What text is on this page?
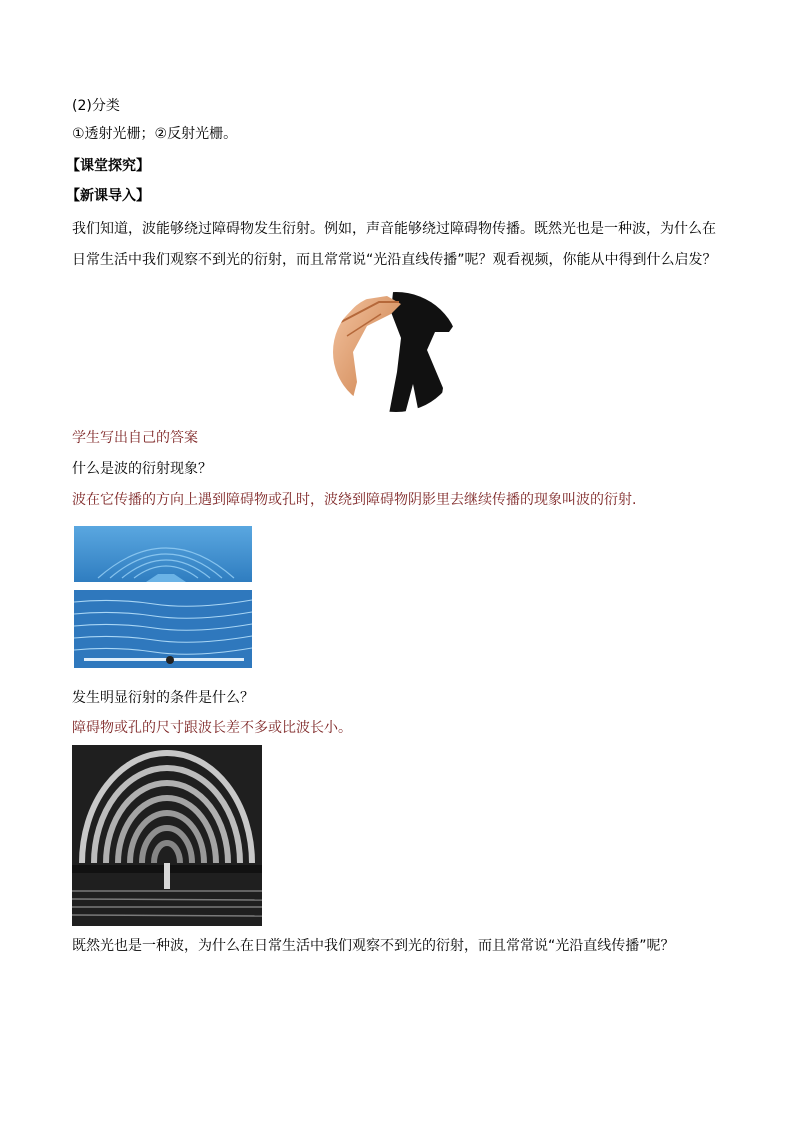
(2)分类
①透射光栅；②反射光栅。
【课堂探究】
【新课导入】
我们知道，波能够绕过障碍物发生衍射。例如，声音能够绕过障碍物传播。既然光也是一种波，为什么在
日常生活中我们观察不到光的衍射，而且常常说“光沿直线传播”呢？观看视频，你能从中得到什么启发？
学生写出自己的答案
什么是波的衍射现象？
波在它传播的方向上遇到障碍物或孔时，波绕到障碍物阴影里去继续传播的现象叫波的衍射.
发生明显衍射的条件是什么？
障碍物或孔的尺寸跟波长差不多或比波长小。
既然光也是一种波，为什么在日常生活中我们观察不到光的衍射，而且常常说“光沿直线传播”呢？
